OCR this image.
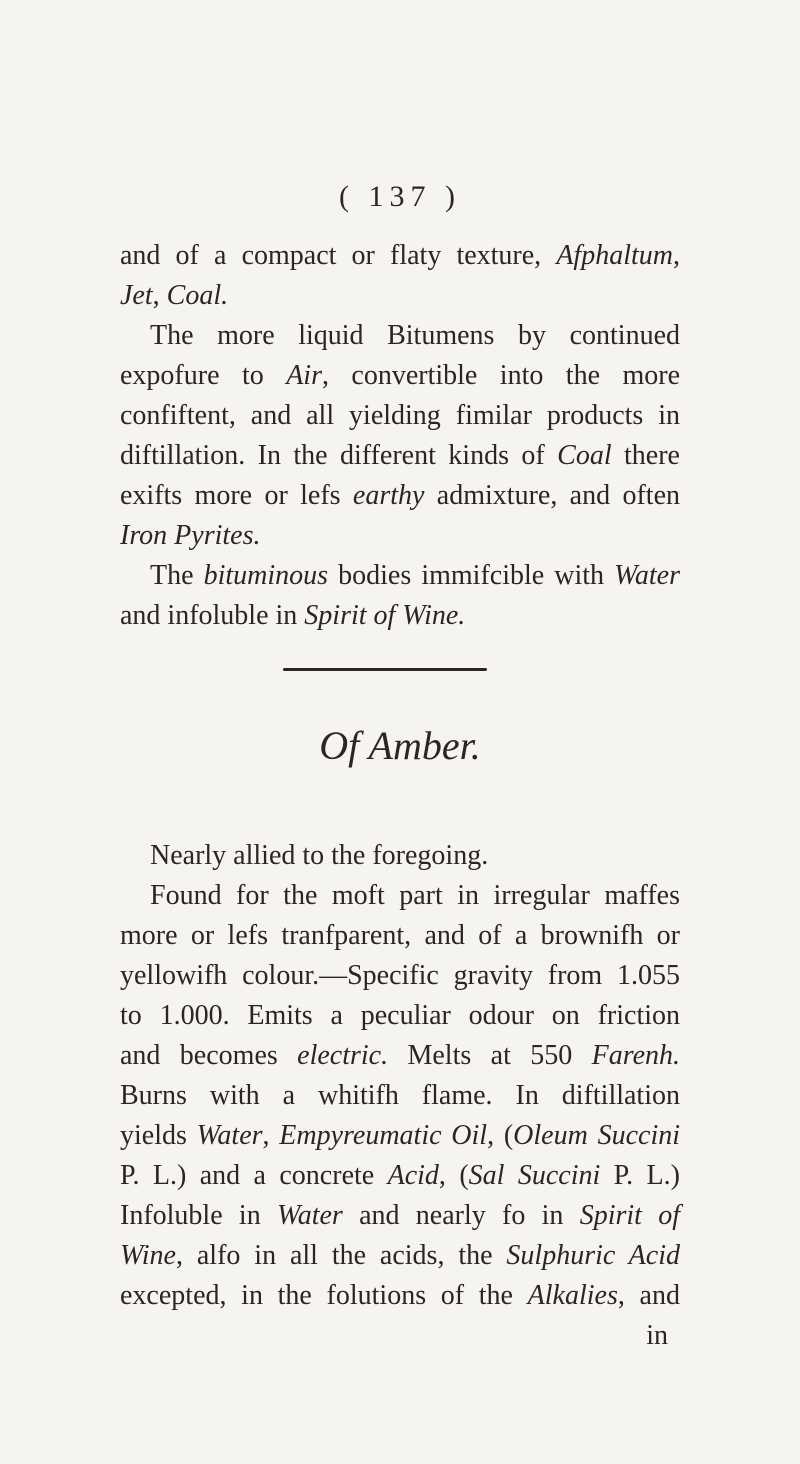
( 137 )
and of a compact or flaty texture, Afphaltum,
Jet, Coal.
The more liquid Bitumens by continued
expofure to Air, convertible into the more
confiftent, and all yielding fimilar products in
diftillation. In the different kinds of Coal there
exifts more or lefs earthy admixture, and often
Iron Pyrites.
The bituminous bodies immifcible with Water
and infoluble in Spirit of Wine.
Of Amber.
Nearly allied to the foregoing.
Found for the moft part in irregular maffes
more or lefs tranfparent, and of a brownifh or
yellowifh colour.—Specific gravity from 1.055
to 1.000. Emits a peculiar odour on friction
and becomes electric. Melts at 550 Farenh.
Burns with a whitifh flame. In diftillation
yields Water, Empyreumatic Oil, (Oleum Succini
P. L.) and a concrete Acid, (Sal Succini P. L.)
Infoluble in Water and nearly fo in Spirit of
Wine, alfo in all the acids, the Sulphuric Acid
excepted, in the folutions of the Alkalies, and
in
